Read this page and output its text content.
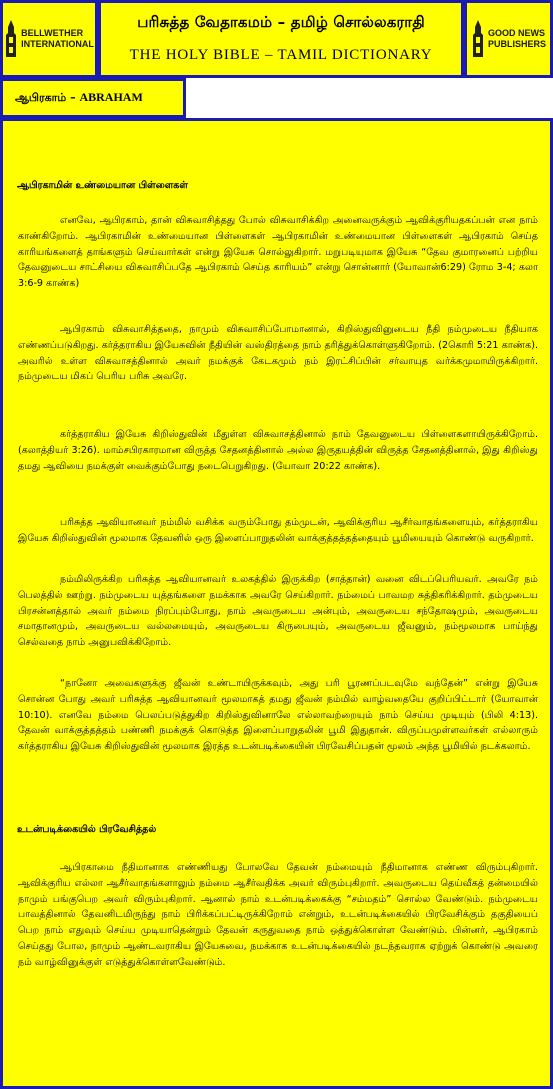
BELLWETHER
INTERNATIONAL
பரிசுத்த வேதாகமம் – தமிழ் சொல்லகராதி
THE HOLY BIBLE – TAMIL DICTIONARY
GOOD NEWS
PUBLISHERS
ஆபிரகாம் – ABRAHAM
ஆபிரகாமின் உண்மையான பிள்ளைகள்

எனவே, ஆபிரகாம், தான் விசுவாசித்தது போல் விசுவாசிக்கிற அனைவருக்கும் ஆவிக்குரியதகப்பன் என நாம் காண்கிறோம். ஆபிரகாமின் உண்மையான பிள்ளைகள் ஆபிரகாமின் உண்மையான பிள்ளைகள் ஆபிரகாம் செய்த காரியங்களைத் தாங்களும் செய்வார்கள் என்று இயேசு சொல்லுகிறார். மறுபடியுமாக இயேசு “தேவ குமாரனைப் பற்றிய தேவனுடைய சாட்சியை விசுவாசிப்பதே ஆபிரகாம் செய்த காரியம்” என்று சொன்னார் (யோவான்6:29) ரோம 3-4; கலா 3:6-9 காண்க)

ஆபிரகாம் விசுவாசித்ததை, நாமும் விசுவாசிப்போமானால், கிறிஸ்துவினுடைய நீதி நம்முடைய நீதியாக எண்ணப்படுகிறது. கர்த்தராகிய இயேசுவின் நீதியின் வஸ்திரத்தை நாம் தரித்துக்கொள்ளுகிறோம். (2கொரி 5:21 காண்க). அவரில் உள்ள விசுவாசத்தினால் அவர் நமக்குக் கேடகமும் நம் இரட்சிப்பின் சர்வாயுத வர்க்கமுமாயிருக்கிறார். நம்முடைய மிகப் பெரிய பரிசு அவரே.

கர்த்தராகிய இயேசு கிறிஸ்துவின் மீதுள்ள விசுவாசத்தினால் நாம் தேவனுடைய பிள்ளைகளாயிருக்கிறோம். (கலாத்தியர் 3:26). மாம்சபிரகாரமான விருத்த சேதனத்தினால் அல்ல இருதயத்தின் விருத்த சேதனத்தினால், இது கிறிஸ்து தமது ஆவியை நமக்குள் வைக்கும்போது நடைபெறுகிறது. (யோவா 20:22 காண்க).

பரிசுத்த ஆவியானவர் நம்மில் வசிக்க வரும்போது தம்முடன், ஆவிக்குரிய ஆசீர்வாதங்களையும், கர்த்தராகிய இயேசு கிறிஸ்துவின் மூலமாக தேவனில் ஒரு இளைப்பாறுதலின் வாக்குத்தத்தத்தையும் பூமியையும் கொண்டு வருகிறார்.

நம்மிலிருக்கிற பரிசுத்த ஆவியானவர் உலகத்தில் இருக்கிற (சாத்தான்) வனை விடப்பெரியவர். அவரே நம் பெலத்தில் ஊற்று. நம்முடைய யுத்தங்களை நமக்காக அவரே செய்கிறார். நம்மைப் பாவமற சுத்திகரிக்கிறார். தம்முடைய பிரசன்னத்தால் அவர் நம்மை நிரப்பும்போது, நாம் அவருடைய அன்பும், அவருடைய சந்தோஷமும், அவருடைய சமாதானமும், அவருடைய வல்லமையும், அவருடைய கிருபையும், அவருடைய ஜீவனும், நம்மூலமாக பாய்ந்து செல்வதை நாம் அனுபவிக்கிறோம்.

“நானோ அவைகளுக்கு ஜீவன் உண்டாயிருக்கவும், அது பரி பூரணப்படவுமே வந்தேன்” என்று இயேசு சொன்ன போது அவர் பரிசுத்த ஆவியானவர் மூலமாகத் தமது ஜீவன் நம்மில் வாழ்வதையே குறிப்பிட்டார் (யோவான் 10:10). எனவே நம்மை பெலப்படுத்துகிற கிறிஸ்துவினாலே எல்லாவற்றையும் நாம் செய்ய முடியும் (பிலி 4:13). தேவன் வாக்குத்தத்தம் பண்ணி நமக்குக் கொடுத்த இளைப்பாறுதலின் பூமி இதுதான். விருப்பமுள்ளவர்கள் எல்லாரும் கர்த்தராகிய இயேசு கிறிஸ்துவின் மூலமாக இரத்த உடன்படிக்கையின் பிரவேசிப்பதன் மூலம் அந்த பூமியில் நடக்கலாம்.

உடன்படிக்கையில் பிரவேசித்தல்

ஆபிரகாமை நீதிமானாக எண்ணியது போலவே தேவன் நம்மையும் நீதிமானாக எண்ண விரும்புகிறார். ஆவிக்குரிய எல்லா ஆசீர்வாதங்களாலும் நம்மை ஆசீர்வதிக்க அவர் விரும்புகிறார். அவருடைய தெய்வீகத் தன்மையில் நாமும் பங்குபெற அவர் விரும்புகிறார். ஆனால் நாம் உடன்படிக்கைக்கு “சம்மதம்” சொல்ல வேண்டும். நம்முடைய பாவத்தினால் தேவனிடமிருந்து நாம் பிரிக்கப்பட்டிருக்கிறோம் என்றும், உடன்படிக்கையில் பிரவேசிக்கும் தகுதியைப் பெற நாம் எதுவும் செய்ய முடியாதென்றும் தேவன் கருதுவதை நாம் ஒத்துக்கொள்ள வேண்டும். பின்னர், ஆபிரகாம் செய்தது போல, நாமும் ஆண்டவராகிய இயேசுவை, நமக்காக உடன்படிக்கையில் நடந்தவராக ஏற்றுக் கொண்டு அவரை நம் வாழ்வினுக்குள் எடுத்துக்கொள்ளவேண்டும்.
